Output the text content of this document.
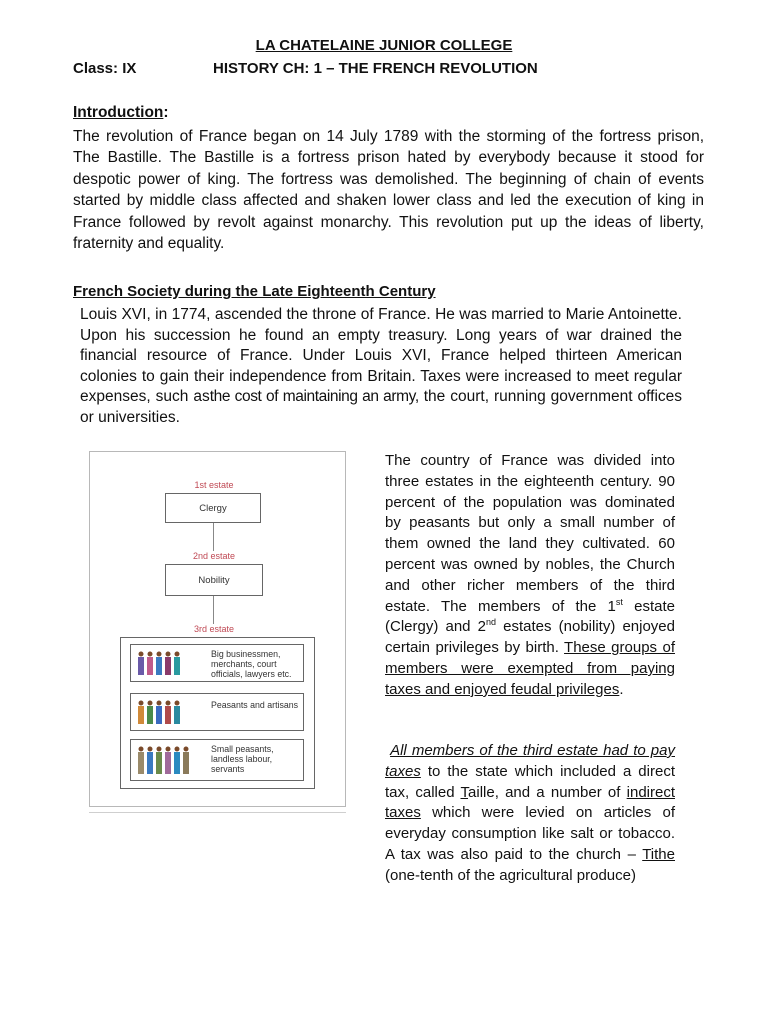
LA CHATELAINE JUNIOR COLLEGE
Class: IX	HISTORY CH: 1 – THE FRENCH REVOLUTION
Introduction:
The revolution of France began on 14 July 1789 with the storming of the fortress prison, The Bastille. The Bastille is a fortress prison hated by everybody because it stood for despotic power of king. The fortress was demolished. The beginning of chain of events started by middle class affected and shaken lower class and led the execution of king in France followed by revolt against monarchy. This revolution put up the ideas of liberty, fraternity and equality.
French Society during the Late Eighteenth Century
Louis XVI, in 1774, ascended the throne of France. He was married to Marie Antoinette. Upon his succession he found an empty treasury. Long years of war drained the financial resource of France. Under Louis XVI, France helped thirteen American colonies to gain their independence from Britain. Taxes were increased to meet regular expenses, such asthe cost of maintaining an army, the court, running government offices or universities.
1st estate
Clergy
2nd estate
Nobility
3rd estate
Big businessmen, merchants, court officials, lawyers etc.
Peasants and artisans
Small peasants, landless labour, servants
The country of France was divided into three estates in the eighteenth century. 90 percent of the population was dominated by peasants but only a small number of them owned the land they cultivated. 60 percent was owned by nobles, the Church and other richer members of the third estate. The members of the 1st estate (Clergy) and 2nd estates (nobility) enjoyed certain privileges by birth. These groups of members were exempted from paying taxes and enjoyed feudal privileges.
All members of the third estate had to pay taxes to the state which included a direct tax, called Taille, and a number of indirect taxes which were levied on articles of everyday consumption like salt or tobacco. A tax was also paid to the church – Tithe (one-tenth of the agricultural produce)
